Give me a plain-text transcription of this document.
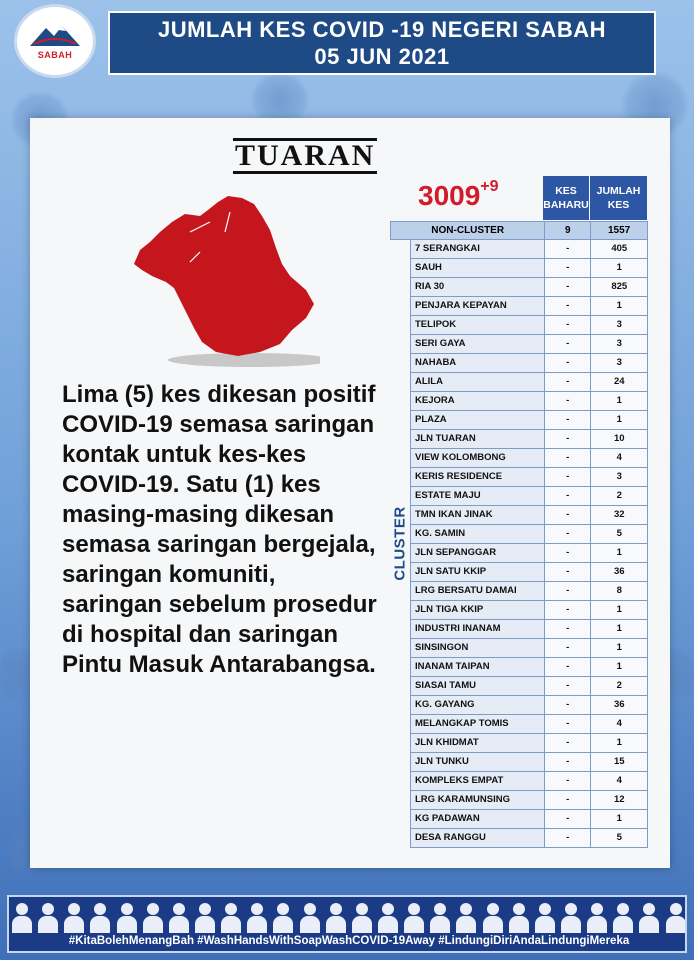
SABAH
JUMLAH KES COVID -19 NEGERI SABAH
05 JUN 2021
TUARAN
Lima (5) kes dikesan positif COVID-19 semasa saringan kontak untuk kes-kes COVID-19. Satu (1) kes masing-masing dikesan semasa saringan bergejala, saringan komuniti, saringan sebelum prosedur di hospital dan saringan Pintu Masuk Antarabangsa.
$3009^{+9}$	KES BAHARU
JUMLAH KES
NON-CLUSTER	9	1557
CLUSTER
7 SERANGKAI	-	405
SAUH	-	1
RIA 30	-	825
PENJARA KEPAYAN	-	1
TELIPOK	-	3
SERI GAYA	-	3
NAHABA	-	3
ALILA	-	24
KEJORA	-	1
PLAZA	-	1
JLN TUARAN	-	10
VIEW KOLOMBONG	-	4
KERIS RESIDENCE	-	3
ESTATE MAJU	-	2
TMN IKAN JINAK	-	32
KG. SAMIN	-	5
JLN SEPANGGAR	-	1
JLN SATU KKIP	-	36
LRG BERSATU DAMAI	-	8
JLN TIGA KKIP	-	1
INDUSTRI INANAM	-	1
SINSINGON	-	1
INANAM TAIPAN	-	1
SIASAI TAMU	-	2
KG. GAYANG	-	36
MELANGKAP TOMIS	-	4
JLN KHIDMAT	-	1
JLN TUNKU	-	15
KOMPLEKS EMPAT	-	4
LRG KARAMUNSING	-	12
KG PADAWAN	-	1
DESA RANGGU	-	5
#KitaBolehMenangBah #WashHandsWithSoapWashCOVID-19Away #LindungiDiriAndaLindungiMereka
